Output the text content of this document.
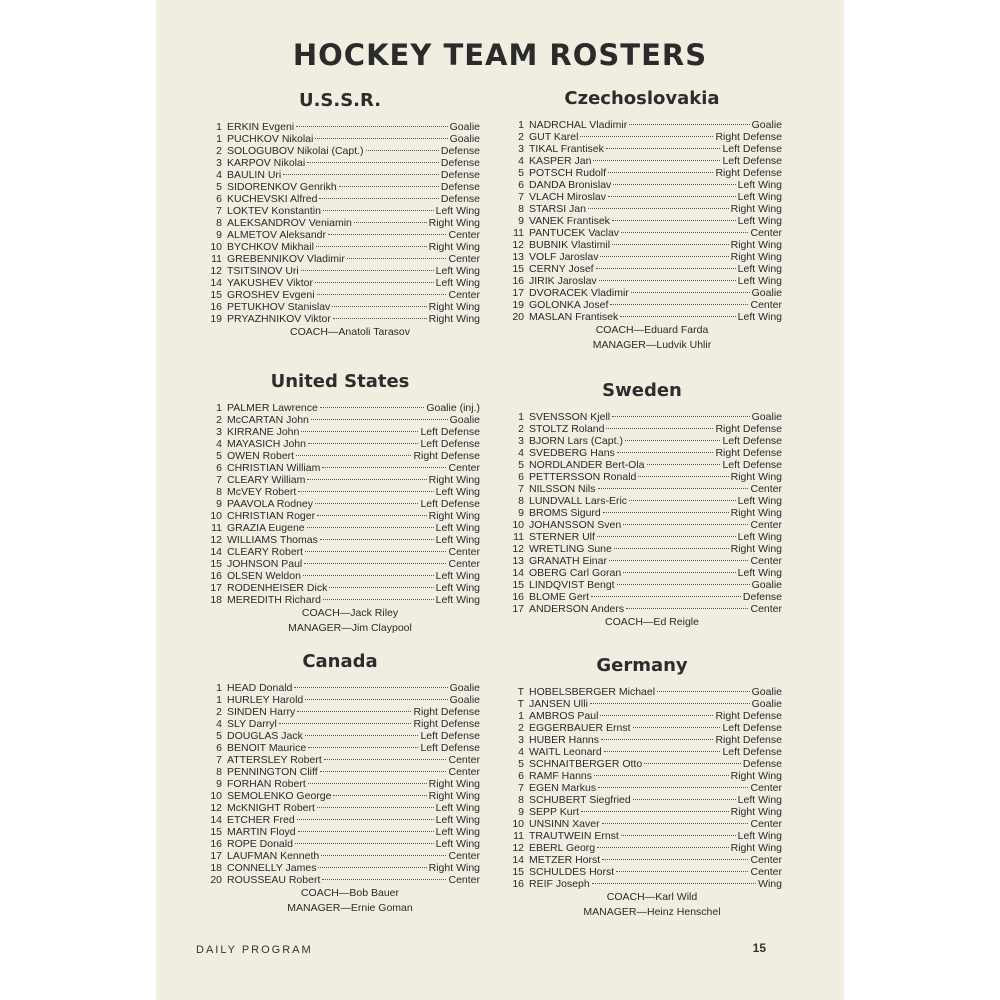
HOCKEY TEAM ROSTERS
U.S.S.R.
1 ERKIN Evgeni	Goalie
1 PUCHKOV Nikolai	Goalie
2 SOLOGUBOV Nikolai (Capt.)	Defense
3 KARPOV Nikolai	Defense
4 BAULIN Uri	Defense
5 SIDORENKOV Genrikh	Defense
6 KUCHEVSKI Alfred	Defense
7 LOKTEV Konstantin	Left Wing
8 ALEKSANDROV Veniamin	Right Wing
9 ALMETOV Aleksandr	Center
10 BYCHKOV Mikhail	Right Wing
11 GREBENNIKOV Vladimir	Center
12 TSITSINOV Uri	Left Wing
14 YAKUSHEV Viktor	Left Wing
15 GROSHEV Evgeni	Center
16 PETUKHOV Stanislav	Right Wing
19 PRYAZHNIKOV Viktor	Right Wing
COACH—Anatoli Tarasov
Czechoslovakia
1 NADRCHAL Vladimir	Goalie
2 GUT Karel	Right Defense
3 TIKAL Frantisek	Left Defense
4 KASPER Jan	Left Defense
5 POTSCH Rudolf	Right Defense
6 DANDA Bronislav	Left Wing
7 VLACH Miroslav	Left Wing
8 STARSI Jan	Right Wing
9 VANEK Frantisek	Left Wing
11 PANTUCEK Vaclav	Center
12 BUBNIK Vlastimil	Right Wing
13 VOLF Jaroslav	Right Wing
15 CERNY Josef	Left Wing
16 JIRIK Jaroslav	Left Wing
17 DVORACEK Vladimir	Goalie
19 GOLONKA Josef	Center
20 MASLAN Frantisek	Left Wing
COACH—Eduard Farda
MANAGER—Ludvik Uhlir
United States
1 PALMER Lawrence	Goalie (inj.)
2 McCARTAN John	Goalie
3 KIRRANE John	Left Defense
4 MAYASICH John	Left Defense
5 OWEN Robert	Right Defense
6 CHRISTIAN William	Center
7 CLEARY William	Right Wing
8 McVEY Robert	Left Wing
9 PAAVOLA Rodney	Left Defense
10 CHRISTIAN Roger	Right Wing
11 GRAZIA Eugene	Left Wing
12 WILLIAMS Thomas	Left Wing
14 CLEARY Robert	Center
15 JOHNSON Paul	Center
16 OLSEN Weldon	Left Wing
17 RODENHEISER Dick	Left Wing
18 MEREDITH Richard	Left Wing
COACH—Jack Riley
MANAGER—Jim Claypool
Sweden
1 SVENSSON Kjell	Goalie
2 STOLTZ Roland	Right Defense
3 BJORN Lars (Capt.)	Left Defense
4 SVEDBERG Hans	Right Defense
5 NORDLANDER Bert-Ola	Left Defense
6 PETTERSSON Ronald	Right Wing
7 NILSSON Nils	Center
8 LUNDVALL Lars-Eric	Left Wing
9 BROMS Sigurd	Right Wing
10 JOHANSSON Sven	Center
11 STERNER Ulf	Left Wing
12 WRETLING Sune	Right Wing
13 GRANATH Einar	Center
14 OBERG Carl Goran	Left Wing
15 LINDQVIST Bengt	Goalie
16 BLOME Gert	Defense
17 ANDERSON Anders	Center
COACH—Ed Reigle
Canada
1 HEAD Donald	Goalie
1 HURLEY Harold	Goalie
2 SINDEN Harry	Right Defense
4 SLY Darryl	Right Defense
5 DOUGLAS Jack	Left Defense
6 BENOIT Maurice	Left Defense
7 ATTERSLEY Robert	Center
8 PENNINGTON Cliff	Center
9 FORHAN Robert	Right Wing
10 SEMOLENKO George	Right Wing
12 McKNIGHT Robert	Left Wing
14 ETCHER Fred	Left Wing
15 MARTIN Floyd	Left Wing
16 ROPE Donald	Left Wing
17 LAUFMAN Kenneth	Center
18 CONNELLY James	Right Wing
20 ROUSSEAU Robert	Center
COACH—Bob Bauer
MANAGER—Ernie Goman
Germany
T HOBELSBERGER Michael	Goalie
T JANSEN Ulli	Goalie
1 AMBROS Paul	Right Defense
2 EGGERBAUER Ernst	Left Defense
3 HUBER Hanns	Right Defense
4 WAITL Leonard	Left Defense
5 SCHNAITBERGER Otto	Defense
6 RAMF Hanns	Right Wing
7 EGEN Markus	Center
8 SCHUBERT Siegfried	Left Wing
9 SEPP Kurt	Right Wing
10 UNSINN Xaver	Center
11 TRAUTWEIN Ernst	Left Wing
12 EBERL Georg	Right Wing
14 METZER Horst	Center
15 SCHULDES Horst	Center
16 REIF Joseph	Wing
COACH—Karl Wild
MANAGER—Heinz Henschel
DAILY PROGRAM	15
